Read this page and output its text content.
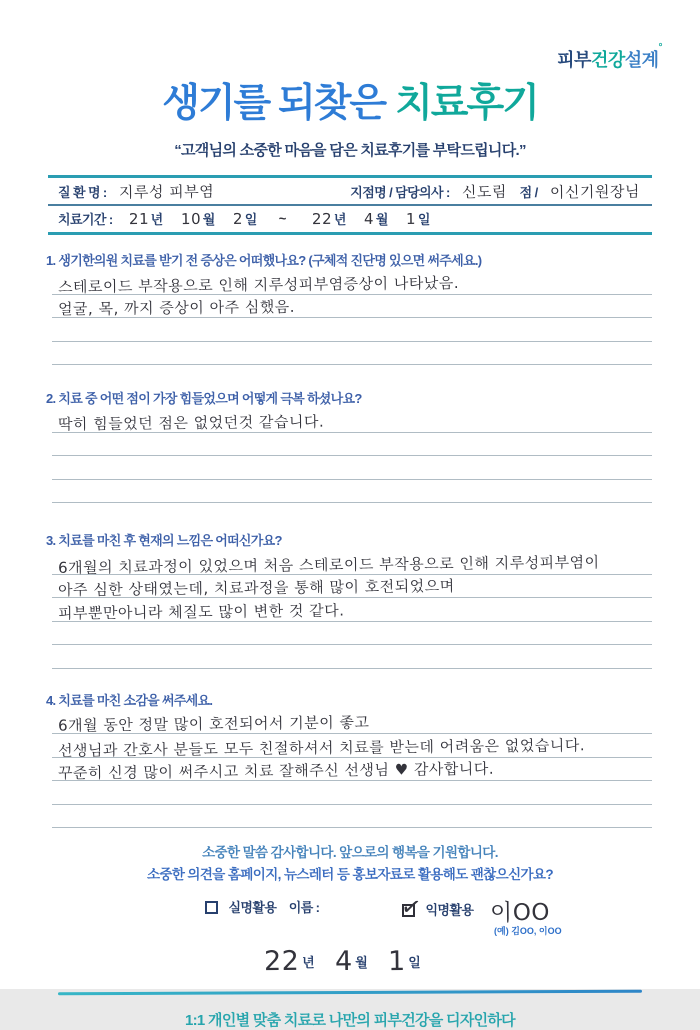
피부건강설계°
생기를 되찾은 치료후기

“고객님의 소중한 마음을 담은 치료후기를 부탁드립니다.”

질 환 명 : 지루성 피부염	지점명 / 담당의사 : 신도림 점 / 이신기원장님
치료기간 : 21 년 10 월 2 일 ~ 22 년 4 월 1 일
1. 생기한의원 치료를 받기 전 증상은 어떠했나요? (구체적 진단명 있으면 써주세요.)
스테로이드 부작용으로 인해 지루성피부염증상이 나타났음.
얼굴, 목, 까지 증상이 아주 심했음.
2. 치료 중 어떤 점이 가장 힘들었으며 어떻게 극복 하셨나요?
딱히 힘들었던 점은 없었던것 같습니다.
3. 치료를 마친 후 현재의 느낌은 어떠신가요?
6개월의 치료과정이 있었으며 처음 스테로이드 부작용으로 인해 지루성피부염이
아주 심한 상태였는데, 치료과정을 통해 많이 호전되었으며
피부뿐만아니라 체질도 많이 변한 것 같다.
4. 치료를 마친 소감을 써주세요.
6개월 동안 정말 많이 호전되어서 기분이 좋고
선생님과 간호사 분들도 모두 친절하셔서 치료를 받는데 어려움은 없었습니다.
꾸준히 신경 많이 써주시고 치료 잘해주신 선생님 ♥ 감사합니다.

소중한 말씀 감사합니다. 앞으로의 행복을 기원합니다.

소중한 의견을 홈페이지, 뉴스레터 등 홍보자료로 활용해도 괜찮으신가요?

실명활용 이름 :	✓ 익명활용 이OO
(예) 김OO, 이OO
22 년 4 월 1 일

1:1 개인별 맞춤 치료로 나만의 피부건강을 디자인하다
